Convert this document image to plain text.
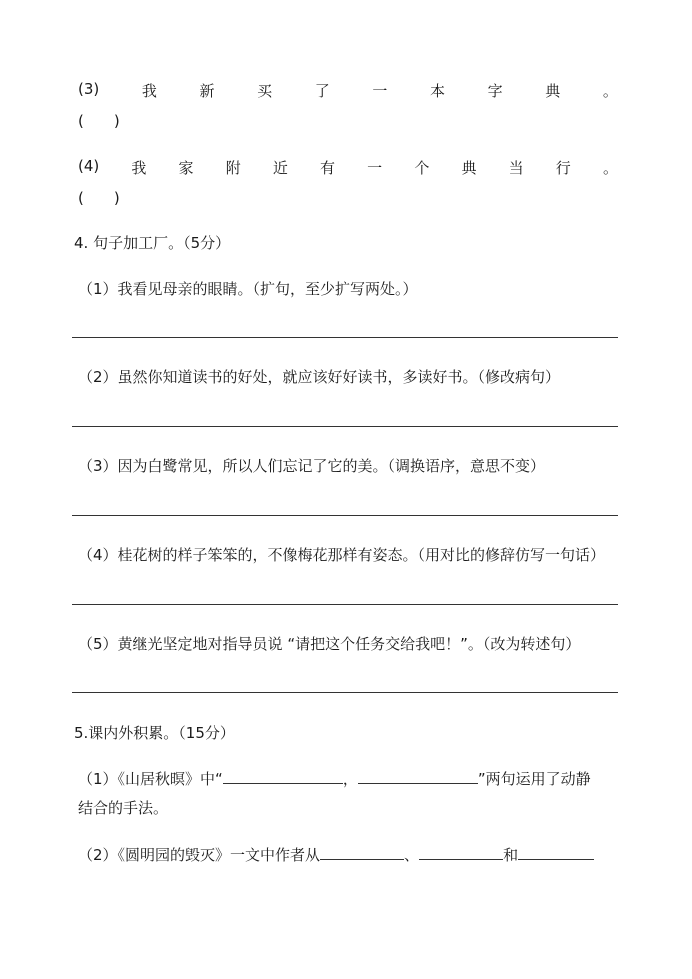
(3)	我	新	买	了	一	本	字	典	。
(　　)
(4) 我 家 附 近 有 一 个 典 当 行 。
(　　)
4. 句子加工厂。（5分）
（1）我看见母亲的眼睛。（扩句，至少扩写两处。）
（2）虽然你知道读书的好处，就应该好好读书，多读好书。（修改病句）
（3）因为白鹭常见，所以人们忘记了它的美。（调换语序，意思不变）
（4）桂花树的样子笨笨的，不像梅花那样有姿态。（用对比的修辞仿写一句话）
（5）黄继光坚定地对指导员说 “请把这个任务交给我吧！”。（改为转述句）
5.课内外积累。（15分）
（1）《山居秋暝》中“	，	”两句运用了动静
结合的手法。
（2）《圆明园的毁灭》一文中作者从	、	和
